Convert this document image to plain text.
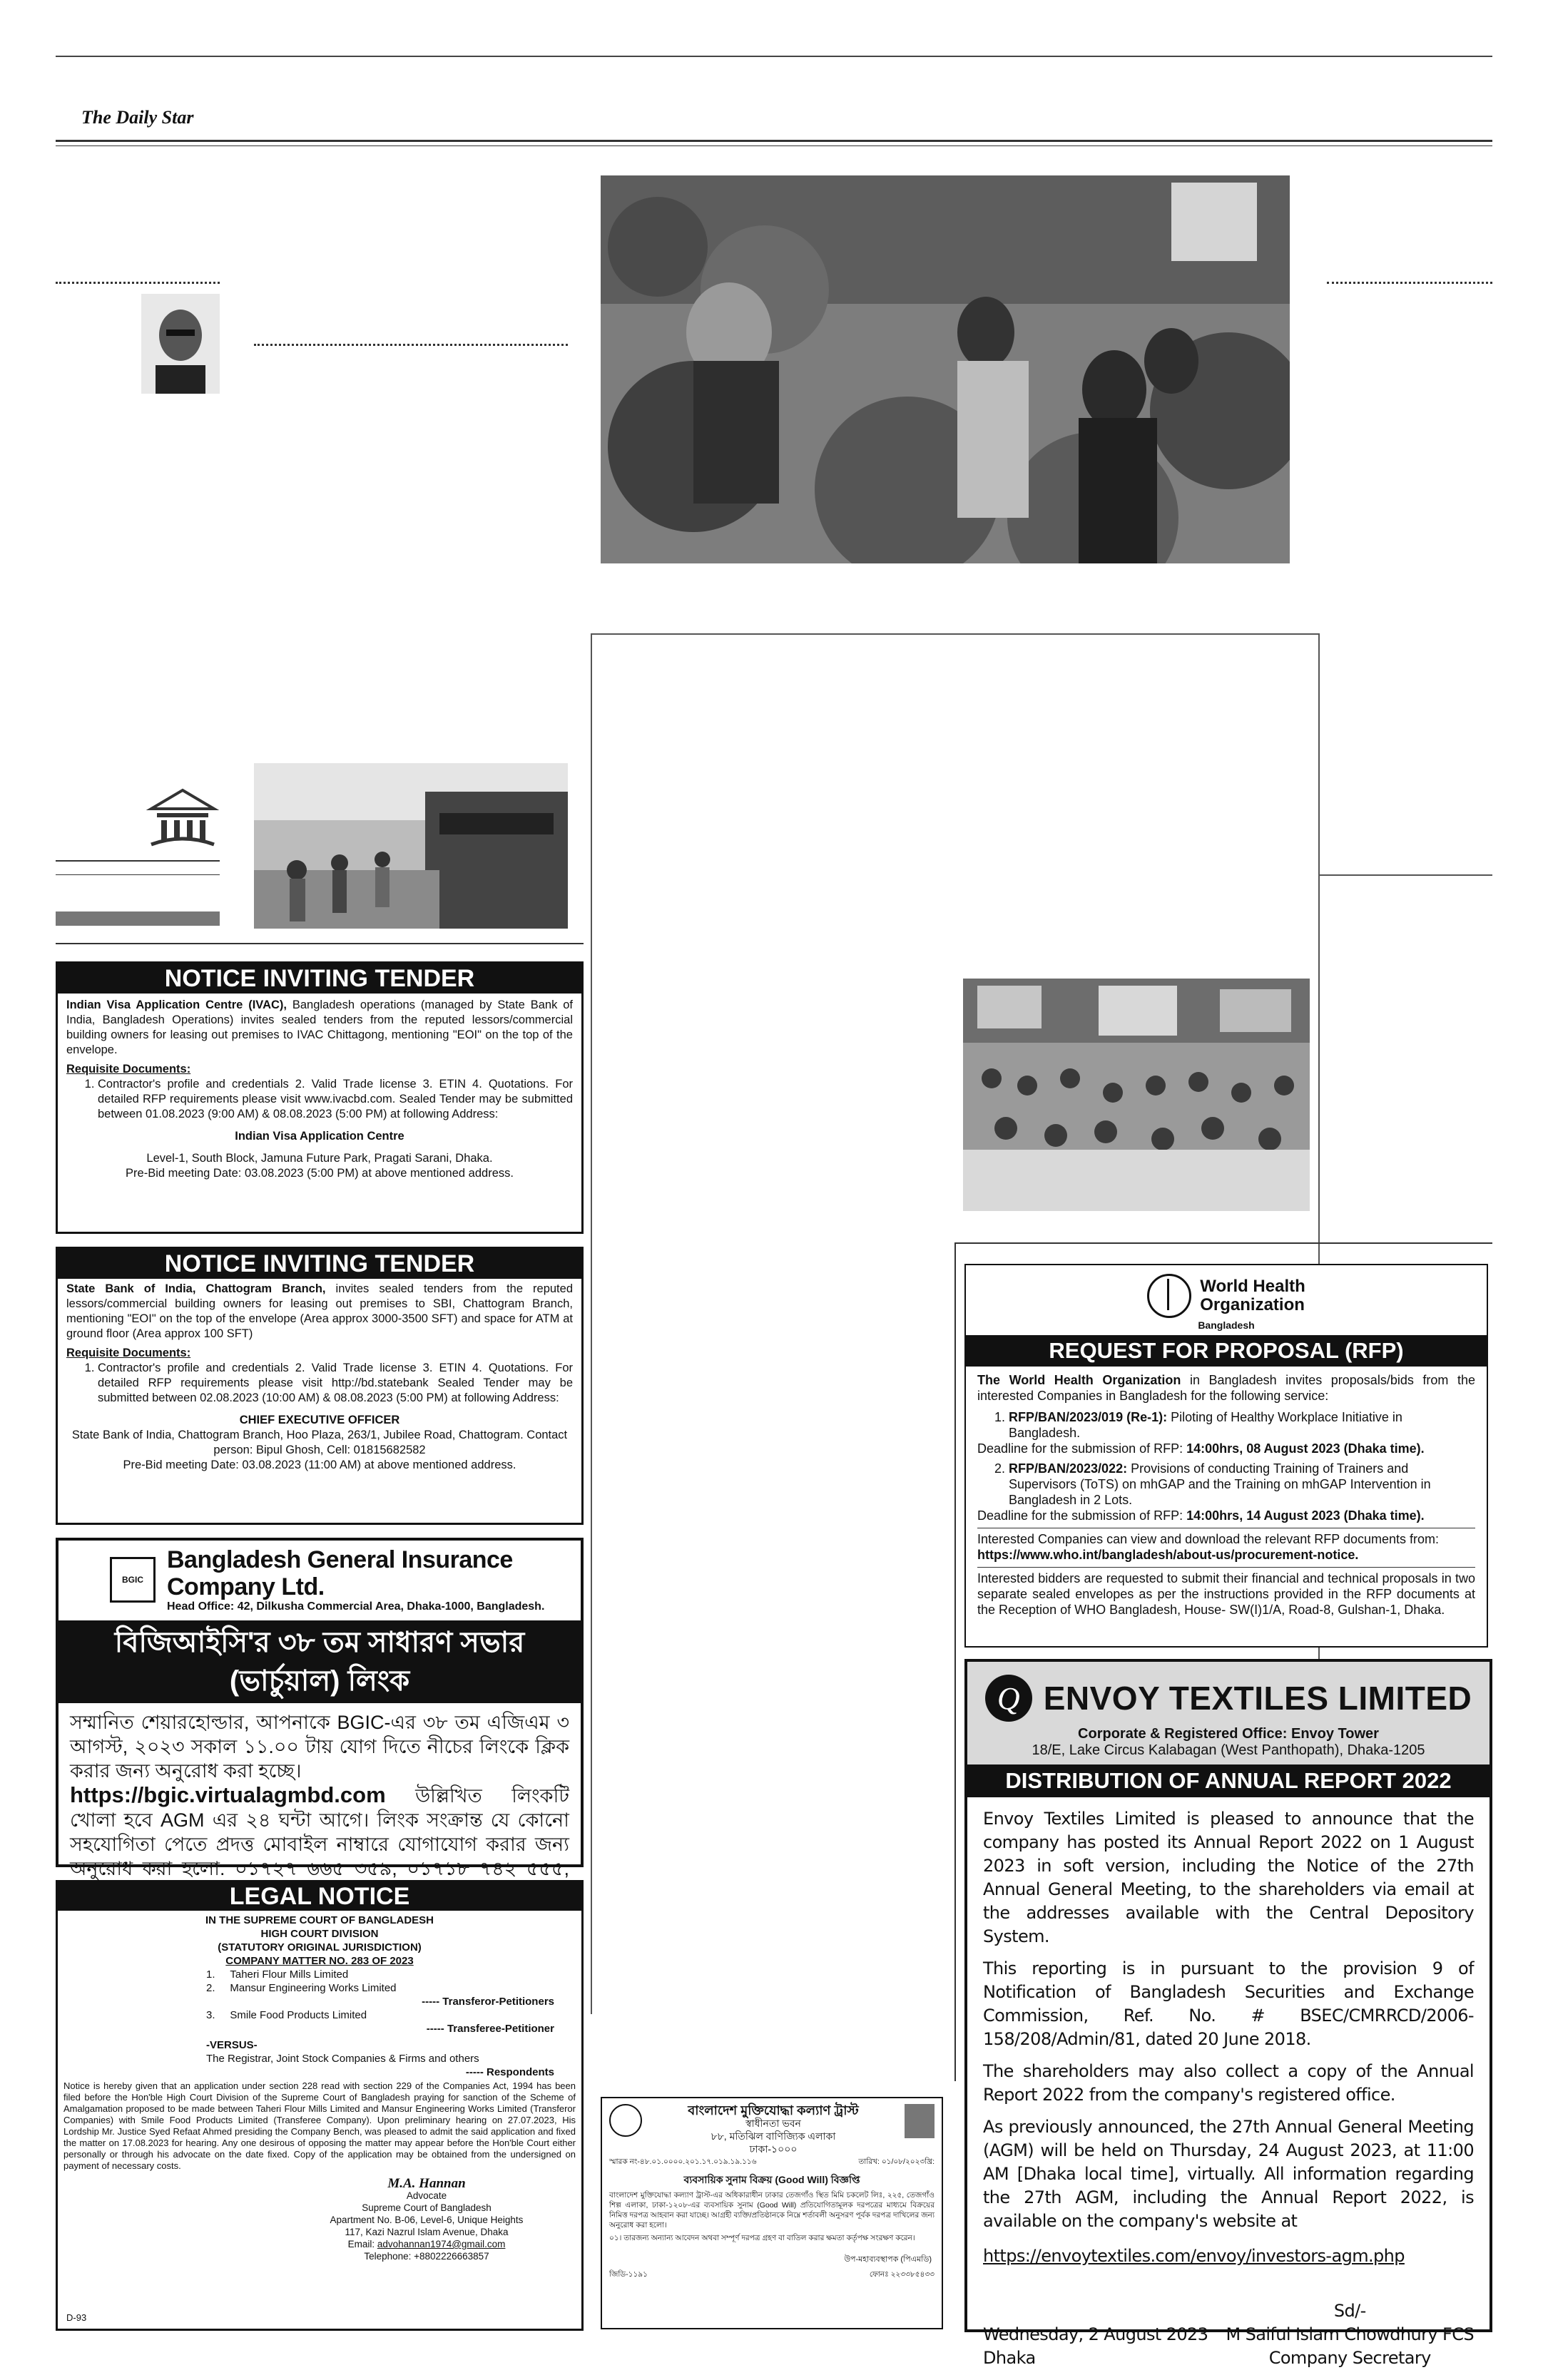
The Daily Star
NOTICE INVITING TENDER

Indian Visa Application Centre (IVAC), Bangladesh operations (managed by State Bank of India, Bangladesh Operations) invites sealed tenders from the reputed lessors/commercial building owners for leasing out premises to IVAC Chittagong, mentioning "EOI" on the top of the envelope.

Requisite Documents:

1. Contractor's profile and credentials 2. Valid Trade license 3. ETIN 4. Quotations. For detailed RFP requirements please visit www.ivacbd.com. Sealed Tender may be submitted between 01.08.2023 (9:00 AM) & 08.08.2023 (5:00 PM) at following Address:

Indian Visa Application Centre

Level-1, South Block, Jamuna Future Park, Pragati Sarani, Dhaka.

Pre-Bid meeting Date: 03.08.2023 (5:00 PM) at above mentioned address.

NOTICE INVITING TENDER

State Bank of India, Chattogram Branch, invites sealed tenders from the reputed lessors/commercial building owners for leasing out premises to SBI, Chattogram Branch, mentioning "EOI" on the top of the envelope (Area approx 3000-3500 SFT) and space for ATM at ground floor (Area approx 100 SFT)

Requisite Documents:

1. Contractor's profile and credentials 2. Valid Trade license 3. ETIN 4. Quotations. For detailed RFP requirements please visit http://bd.statebank Sealed Tender may be submitted between 02.08.2023 (10:00 AM) & 08.08.2023 (5:00 PM) at following Address:

CHIEF EXECUTIVE OFFICER

State Bank of India, Chattogram Branch, Hoo Plaza, 263/1, Jubilee Road, Chattogram. Contact person: Bipul Ghosh, Cell: 01815682582

Pre-Bid meeting Date: 03.08.2023 (11:00 AM) at above mentioned address.

BGIC
Bangladesh General Insurance Company Ltd.
Head Office: 42, Dilkusha Commercial Area, Dhaka-1000, Bangladesh.
বিজিআইসি'র ৩৮ তম সাধারণ সভার (ভার্চুয়াল) লিংক

সম্মানিত শেয়ারহোল্ডার, আপনাকে BGIC-এর ৩৮ তম এজিএম ৩ আগস্ট, ২০২৩ সকাল ১১.০০ টায় যোগ দিতে নীচের লিংকে ক্লিক করার জন্য অনুরোধ করা হচ্ছে।

https://bgic.virtualagmbd.com উল্লিখিত লিংকটি খোলা হবে AGM এর ২৪ ঘন্টা আগে। লিংক সংক্রান্ত যে কোনো সহযোগিতা পেতে প্রদত্ত মোবাইল নাম্বারে যোগাযোগ করার জন্য অনুরোধ করা হলো: ০১৭২৭ ৬৬৫ ৩৫৯, ০১৭১৮ ৭৪২ ৫৫৫,

LEGAL NOTICE

IN THE SUPREME COURT OF BANGLADESH

HIGH COURT DIVISION

(STATUTORY ORIGINAL JURISDICTION)

COMPANY MATTER NO. 283 OF 2023

1.     Taheri Flour Mills Limited

2.     Mansur Engineering Works Limited

----- Transferor-Petitioners

3.     Smile Food Products Limited

----- Transferee-Petitioner

-VERSUS-

The Registrar, Joint Stock Companies & Firms and others

----- Respondents

Notice is hereby given that an application under section 228 read with section 229 of the Companies Act, 1994 has been filed before the Hon'ble High Court Division of the Supreme Court of Bangladesh praying for sanction of the Scheme of Amalgamation proposed to be made between Taheri Flour Mills Limited and Mansur Engineering Works Limited (Transferor Companies) with Smile Food Products Limited (Transferee Company). Upon preliminary hearing on 27.07.2023, His Lordship Mr. Justice Syed Refaat Ahmed presiding the Company Bench, was pleased to admit the said application and fixed the matter on 17.08.2023 for hearing. Any one desirous of opposing the matter may appear before the Hon'ble Court either personally or through his advocate on the date fixed. Copy of the application may be obtained from the undersigned on payment of necessary costs.

M.A. Hannan

Advocate

Supreme Court of Bangladesh

Apartment No. B-06, Level-6, Unique Heights

117, Kazi Nazrul Islam Avenue, Dhaka

Email: advohannan1974@gmail.com

Telephone: +8802226663857

D-93

বাংলাদেশ মুক্তিযোদ্ধা কল্যাণ ট্রাস্ট

স্বাধীনতা ভবন

৮৮, মতিঝিল বাণিজ্যিক এলাকা

ঢাকা-১০০০

স্মারক নং-৪৮.০১.০০০০.২০১.১৭.০১৯.১৯.১১৬	তারিখ: ০১/০৮/২০২৩খ্রি:

ব্যবসায়িক সুনাম বিক্রয় (Good Will) বিজ্ঞপ্তি

বাংলাদেশ মুক্তিযোদ্ধা কল্যাণ ট্রাস্ট-এর অধিকারাধীন ঢাকার তেজগাঁও স্থিত মিমি চকলেট লিঃ, ২২৫, তেজগাঁও শিল্প এলাকা, ঢাকা-১২০৮-এর ব্যবসায়িক সুনাম (Good Will) প্রতিযোগিতামূলক দরপত্রের মাধ্যমে বিক্রয়ের নিমিত্ত দরপত্র আহবান করা যাচ্ছে। আগ্রহী ব্যক্তি/প্রতিষ্ঠানকে নিম্নে শর্তাবলী অনুসরণ পূর্বক দরপত্র দাখিলের জন্য অনুরোধ করা হলো।

০১। তারজন্য অন্যান্য আবেদন অথবা সম্পূর্ণ দরপত্র গ্রহণ বা বাতিল করার ক্ষমতা কর্তৃপক্ষ সংরক্ষণ করেন।

উপ-মহাব্যবস্থাপক (পিএমডি)

জিডি-১১৯১	ফোনঃ ২২৩৩৮৫৪৩৩

World Health

Organization

Bangladesh

REQUEST FOR PROPOSAL (RFP)

The World Health Organization in Bangladesh invites proposals/bids from the interested Companies in Bangladesh for the following service:

1. RFP/BAN/2023/019 (Re-1): Piloting of Healthy Workplace Initiative in Bangladesh.

Deadline for the submission of RFP: 14:00hrs, 08 August 2023 (Dhaka time).

2. RFP/BAN/2023/022: Provisions of conducting Training of Trainers and Supervisors (ToTS) on mhGAP and the Training on mhGAP Intervention in Bangladesh in 2 Lots.

Deadline for the submission of RFP: 14:00hrs, 14 August 2023 (Dhaka time).

Interested Companies can view and download the relevant RFP documents from: https://www.who.int/bangladesh/about-us/procurement-notice.

Interested bidders are requested to submit their financial and technical proposals in two separate sealed envelopes as per the instructions provided in the RFP documents at the Reception of WHO Bangladesh, House- SW(I)1/A, Road-8, Gulshan-1, Dhaka.

Q ENVOY TEXTILES LIMITED

Corporate & Registered Office: Envoy Tower

18/E, Lake Circus Kalabagan (West Panthopath), Dhaka-1205

DISTRIBUTION OF ANNUAL REPORT 2022

Envoy Textiles Limited is pleased to announce that the company has posted its Annual Report 2022 on 1 August 2023 in soft version, including the Notice of the 27th Annual General Meeting, to the shareholders via email at the addresses available with the Central Depository System.

This reporting is in pursuant to the provision 9 of Notification of Bangladesh Securities and Exchange Commission, Ref. No. # BSEC/CMRRCD/2006-158/208/Admin/81, dated 20 June 2018.

The shareholders may also collect a copy of the Annual Report 2022 from the company's registered office.

As previously announced, the 27th Annual General Meeting (AGM) will be held on Thursday, 24 August 2023, at 11:00 AM [Dhaka local time], virtually. All information regarding the 27th AGM, including the Annual Report 2022, is available on the company's website at

https://envoytextiles.com/envoy/investors-agm.php

Wednesday, 2 August 2023

Dhaka

Sd/-

M Saiful Islam Chowdhury FCS

Company Secretary
